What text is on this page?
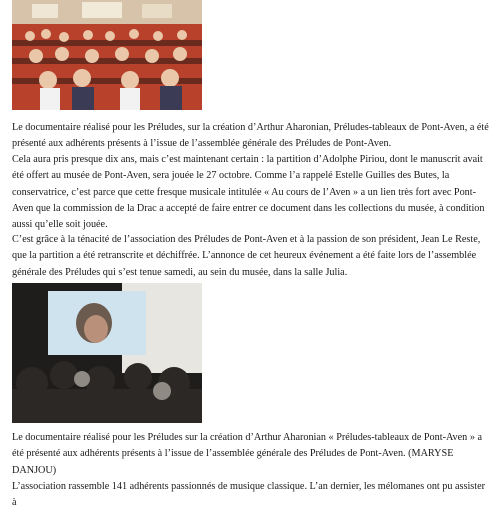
Le documentaire réalisé pour les Préludes, sur la création d’Arthur Aharonian, Préludes-tableaux de Pont-Aven, a été présenté aux adhérents présents à l’issue de l’assemblée générale des Préludes de Pont-Aven.

Cela aura pris presque dix ans, mais c’est maintenant certain : la partition d’Adolphe Piriou, dont le manuscrit avait été offert au musée de Pont-Aven, sera jouée le 27 octobre. Comme l’a rappelé Estelle Guilles des Butes, la conservatrice, c’est parce que cette fresque musicale intitulée « Au cours de l’Aven » a un lien très fort avec Pont-Aven que la commission de la Drac a accepté de faire entrer ce document dans les collections du musée, à condition aussi qu’elle soit jouée.

C’est grâce à la ténacité de l’association des Préludes de Pont-Aven et à la passion de son président, Jean Le Reste, que la partition a été retranscrite et déchiffrée. L’annonce de cet heureux événement a été faite lors de l’assemblée générale des Préludes qui s’est tenue samedi, au sein du musée, dans la salle Julia.

Le documentaire réalisé pour les Préludes sur la création d’Arthur Aharonian « Préludes-tableaux de Pont-Aven » a été présenté aux adhérents présents à l’issue de l’assemblée générale des Préludes de Pont-Aven. (MARYSE DANJOU)

L’association rassemble 141 adhérents passionnés de musique classique. L’an dernier, les mélomanes ont pu assister à
